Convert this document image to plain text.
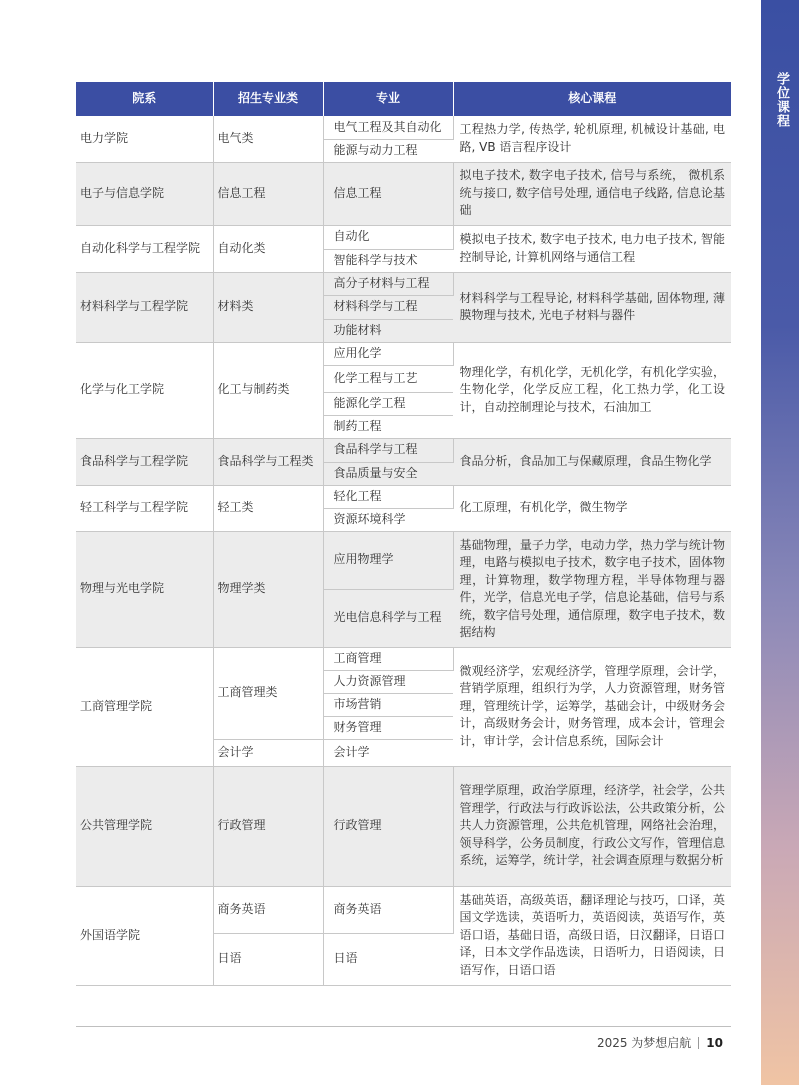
学位课程
院系	招生专业类	专业	核心课程
电力学院	电气类	电气工程及其自动化	工程热力学, 传热学, 轮机原理, 机械设计基础, 电路, VB 语言程序设计
		能源与动力工程	
电子与信息学院	信息工程	信息工程	拟电子技术, 数字电子技术, 信号与系统， 微机系统与接口, 数字信号处理, 通信电子线路, 信息论基础
自动化科学与工程学院	自动化类	自动化	模拟电子技术, 数字电子技术, 电力电子技术, 智能控制导论, 计算机网络与通信工程
		智能科学与技术	
材料科学与工程学院	材料类	高分子材料与工程	材料科学与工程导论, 材料科学基础, 固体物理, 薄膜物理与技术, 光电子材料与器件
		材料科学与工程	
		功能材料	
化学与化工学院	化工与制药类	应用化学	物理化学，有机化学，无机化学，有机化学实验，生物化学，化学反应工程，化工热力学，化工设计，自动控制理论与技术，石油加工
		化学工程与工艺	
		能源化学工程	
		制药工程	
食品科学与工程学院	食品科学与工程类	食品科学与工程	食品分析，食品加工与保藏原理，食品生物化学
		食品质量与安全	
轻工科学与工程学院	轻工类	轻化工程	化工原理，有机化学，微生物学
		资源环境科学	
物理与光电学院	物理学类	应用物理学	基础物理，量子力学，电动力学，热力学与统计物理，电路与模拟电子技术，数字电子技术，固体物理，计算物理，数学物理方程，半导体物理与器件，光学，信息光电子学，信息论基础，信号与系统，数字信号处理，通信原理，数字电子技术，数据结构
		光电信息科学与工程	
工商管理学院	工商管理类	工商管理	微观经济学，宏观经济学，管理学原理，会计学，营销学原理，组织行为学，人力资源管理，财务管理，管理统计学，运筹学，基础会计，中级财务会计，高级财务会计，财务管理，成本会计，管理会计，审计学，会计信息系统，国际会计
		人力资源管理	
		市场营销	
		财务管理	
	会计学	会计学	
公共管理学院	行政管理	行政管理	管理学原理，政治学原理，经济学，社会学，公共管理学，行政法与行政诉讼法，公共政策分析，公共人力资源管理，公共危机管理，网络社会治理，领导科学，公务员制度，行政公文写作，管理信息系统，运筹学，统计学，社会调查原理与数据分析
外国语学院	商务英语	商务英语	基础英语，高级英语，翻译理论与技巧，口译，英国文学选读，英语听力，英语阅读，英语写作，英语口语，基础日语，高级日语，日汉翻译，日语口译，日本文学作品选读，日语听力，日语阅读，日语写作，日语口语
	日语	日语	
2025 为梦想启航 10
